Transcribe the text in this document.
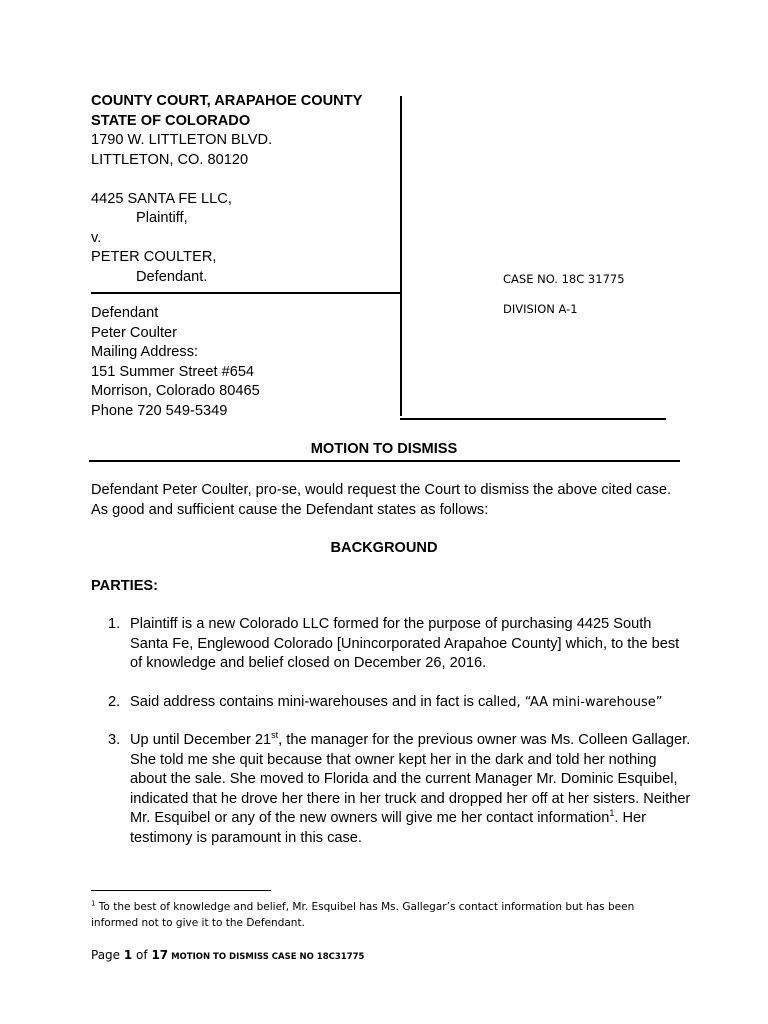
COUNTY COURT, ARAPAHOE COUNTY
STATE OF COLORADO
1790 W. LITTLETON BLVD.
LITTLETON, CO. 80120
4425 SANTA FE LLC,
Plaintiff,
v.
PETER COULTER,
Defendant.	CASE NO. 18C 31775
DIVISION A-1
Defendant
Peter Coulter
Mailing Address:
151 Summer Street #654
Morrison, Colorado 80465
Phone 720 549-5349
MOTION TO DISMISS
Defendant Peter Coulter, pro-se, would request the Court to dismiss the above cited case. As good and sufficient cause the Defendant states as follows:
BACKGROUND
PARTIES:
1. Plaintiff is a new Colorado LLC formed for the purpose of purchasing 4425 South Santa Fe, Englewood Colorado [Unincorporated Arapahoe County] which, to the best of knowledge and belief closed on December 26, 2016.
2. Said address contains mini-warehouses and in fact is called, “AA mini-warehouse”
3. Up until December 21st, the manager for the previous owner was Ms. Colleen Gallager. She told me she quit because that owner kept her in the dark and told her nothing about the sale. She moved to Florida and the current Manager Mr. Dominic Esquibel, indicated that he drove her there in her truck and dropped her off at her sisters. Neither Mr. Esquibel or any of the new owners will give me her contact information$^1$. Her testimony is paramount in this case.
$^1$ To the best of knowledge and belief, Mr. Esquibel has Ms. Gallegar’s contact information but has been informed not to give it to the Defendant.
Page 1 of 17 MOTION TO DISMISS CASE NO 18C31775
